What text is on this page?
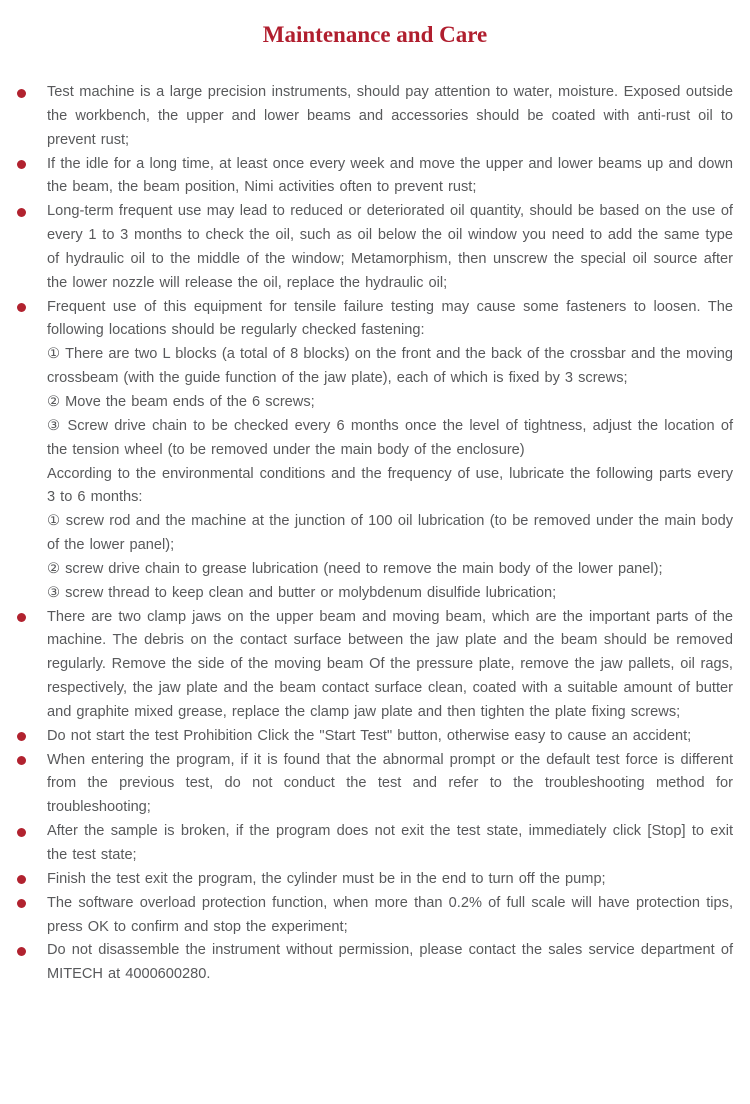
Maintenance and Care

Test machine is a large precision instruments, should pay attention to water, moisture. Exposed outside the workbench, the upper and lower beams and accessories should be coated with anti-rust oil to prevent rust;

If the idle for a long time, at least once every week and move the upper and lower beams up and down the beam, the beam position, Nimi activities often to prevent rust;

Long-term frequent use may lead to reduced or deteriorated oil quantity, should be based on the use of every 1 to 3 months to check the oil, such as oil below the oil window you need to add the same type of hydraulic oil to the middle of the window; Metamorphism, then unscrew the special oil source after the lower nozzle will release the oil, replace the hydraulic oil;

Frequent use of this equipment for tensile failure testing may cause some fasteners to loosen. The following locations should be regularly checked fastening:

① There are two L blocks (a total of 8 blocks) on the front and the back of the crossbar and the moving crossbeam (with the guide function of the jaw plate), each of which is fixed by 3 screws;

② Move the beam ends of the 6 screws;

③ Screw drive chain to be checked every 6 months once the level of tightness, adjust the location of the tension wheel (to be removed under the main body of the enclosure)

According to the environmental conditions and the frequency of use, lubricate the following parts every 3 to 6 months:

① screw rod and the machine at the junction of 100 oil lubrication (to be removed under the main body of the lower panel);

② screw drive chain to grease lubrication (need to remove the main body of the lower panel);

③ screw thread to keep clean and butter or molybdenum disulfide lubrication;

There are two clamp jaws on the upper beam and moving beam, which are the important parts of the machine. The debris on the contact surface between the jaw plate and the beam should be removed regularly. Remove the side of the moving beam Of the pressure plate, remove the jaw pallets, oil rags, respectively, the jaw plate and the beam contact surface clean, coated with a suitable amount of butter and graphite mixed grease, replace the clamp jaw plate and then tighten the plate fixing screws;

Do not start the test Prohibition Click the "Start Test" button, otherwise easy to cause an accident;

When entering the program, if it is found that the abnormal prompt or the default test force is different from the previous test, do not conduct the test and refer to the troubleshooting method for troubleshooting;

After the sample is broken, if the program does not exit the test state, immediately click [Stop] to exit the test state;

Finish the test exit the program, the cylinder must be in the end to turn off the pump;

The software overload protection function, when more than 0.2% of full scale will have protection tips, press OK to confirm and stop the experiment;

Do not disassemble the instrument without permission, please contact the sales service department of MITECH at 4000600280.
